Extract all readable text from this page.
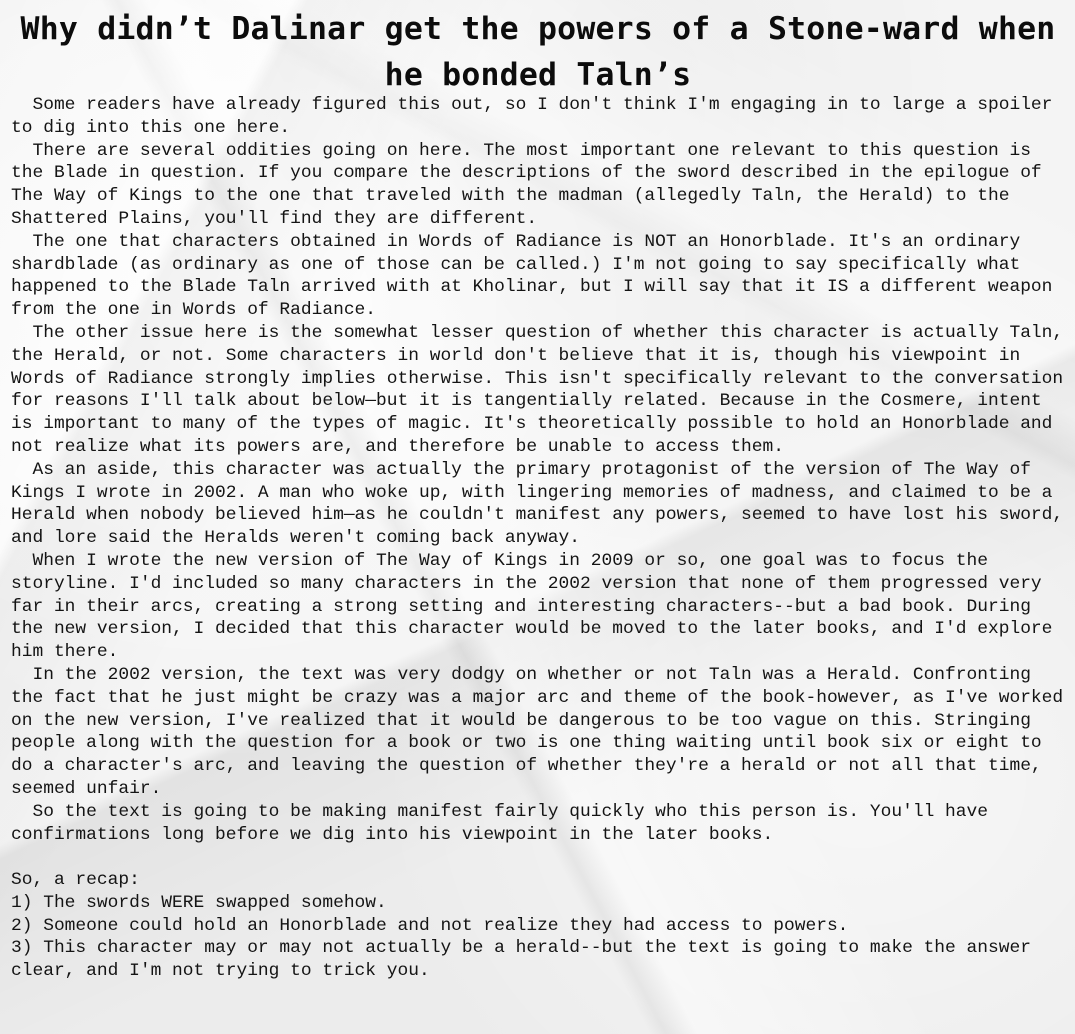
Why didn’t Dalinar get the powers of a Stone-ward when he bonded Taln’s

Some readers have already figured this out, so I don't think I'm engaging in to large a spoiler to dig into this one here.

There are several oddities going on here. The most important one relevant to this question is the Blade in question. If you compare the descriptions of the sword described in the epilogue of The Way of Kings to the one that traveled with the madman (allegedly Taln, the Herald) to the Shattered Plains, you'll find they are different.

The one that characters obtained in Words of Radiance is NOT an Honorblade. It's an ordinary shardblade (as ordinary as one of those can be called.) I'm not going to say specifically what happened to the Blade Taln arrived with at Kholinar, but I will say that it IS a different weapon from the one in Words of Radiance.

The other issue here is the somewhat lesser question of whether this character is actually Taln, the Herald, or not. Some characters in world don't believe that it is, though his viewpoint in Words of Radiance strongly implies otherwise. This isn't specifically relevant to the conversation for reasons I'll talk about below—but it is tangentially related. Because in the Cosmere, intent is important to many of the types of magic. It's theoretically possible to hold an Honorblade and not realize what its powers are, and therefore be unable to access them.

As an aside, this character was actually the primary protagonist of the version of The Way of Kings I wrote in 2002. A man who woke up, with lingering memories of madness, and claimed to be a Herald when nobody believed him—as he couldn't manifest any powers, seemed to have lost his sword, and lore said the Heralds weren't coming back anyway.

When I wrote the new version of The Way of Kings in 2009 or so, one goal was to focus the storyline. I'd included so many characters in the 2002 version that none of them progressed very far in their arcs, creating a strong setting and interesting characters--but a bad book. During the new version, I decided that this character would be moved to the later books, and I'd explore him there.

In the 2002 version, the text was very dodgy on whether or not Taln was a Herald. Confronting the fact that he just might be crazy was a major arc and theme of the book-however, as I've worked on the new version, I've realized that it would be dangerous to be too vague on this. Stringing people along with the question for a book or two is one thing waiting until book six or eight to do a character's arc, and leaving the question of whether they're a herald or not all that time, seemed unfair.

So the text is going to be making manifest fairly quickly who this person is. You'll have confirmations long before we dig into his viewpoint in the later books.

So, a recap:

1) The swords WERE swapped somehow.

2) Someone could hold an Honorblade and not realize they had access to powers.

3) This character may or may not actually be a herald--but the text is going to make the answer clear, and I'm not trying to trick you.
